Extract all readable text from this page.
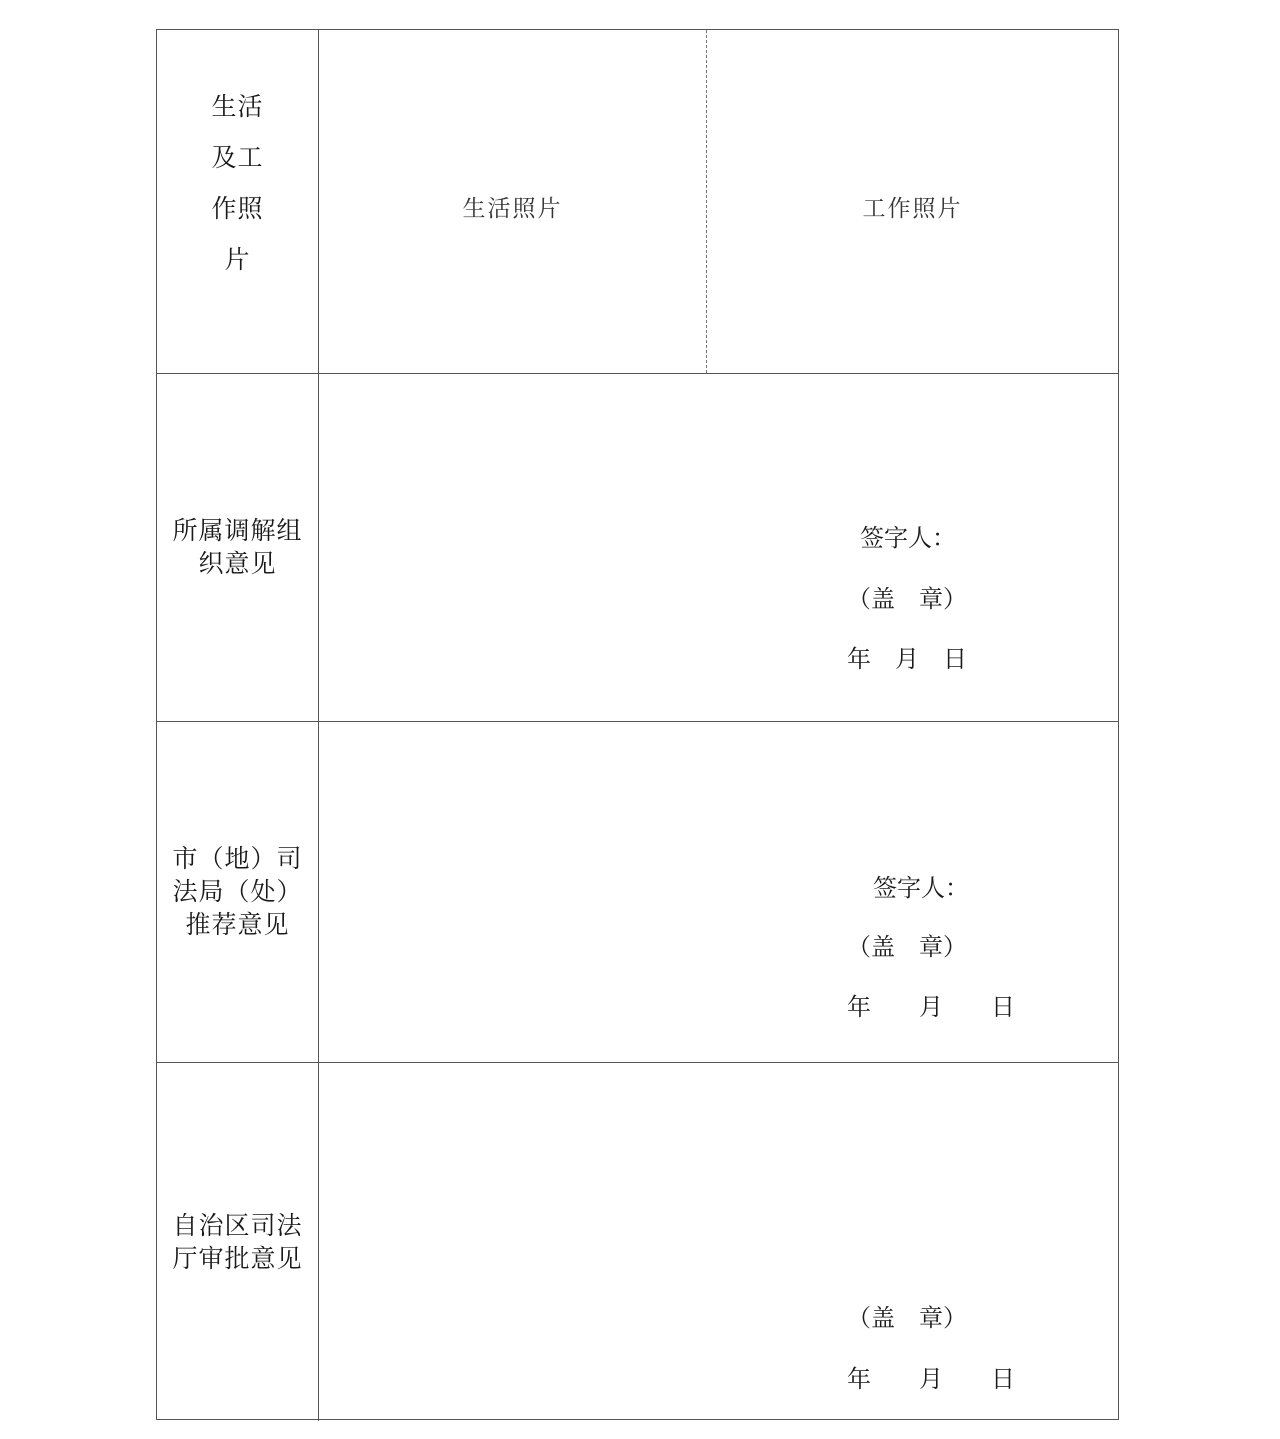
生活
及工
作照
片
生活照片	工作照片
所属调解组
织意见
签字人：
（盖　章）
年　月　日
市（地）司
法局（处）
推荐意见
签字人：
（盖　章）
年　　月　　日
自治区司法
厅审批意见
（盖　章）
年　　月　　日
